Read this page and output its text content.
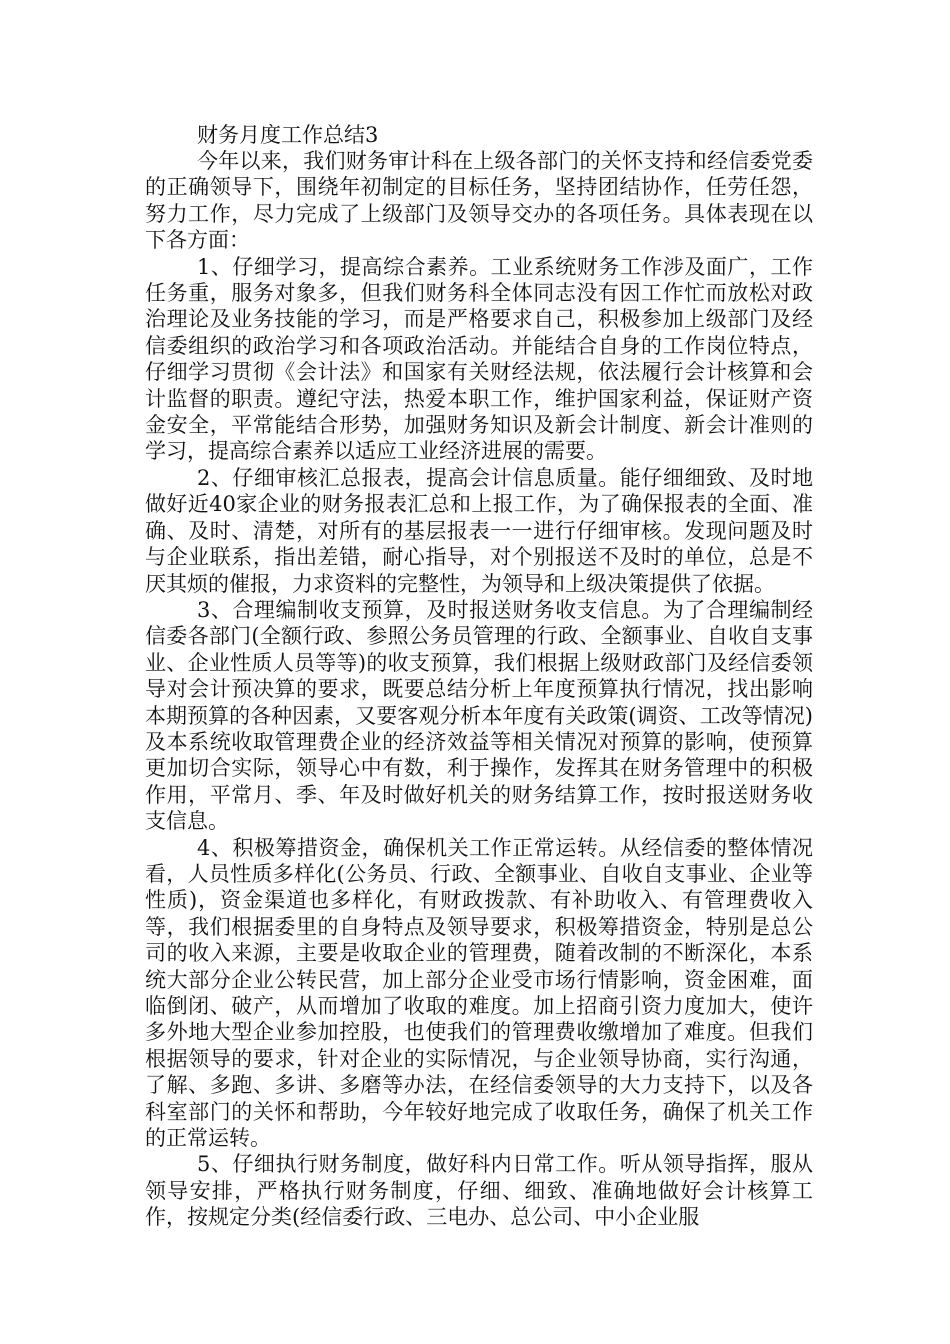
财务月度工作总结3

今年以来，我们财务审计科在上级各部门的关怀支持和经信委党委的正确领导下，围绕年初制定的目标任务，坚持团结协作，任劳任怨，努力工作，尽力完成了上级部门及领导交办的各项任务。具体表现在以下各方面：

1、仔细学习，提高综合素养。工业系统财务工作涉及面广，工作任务重，服务对象多，但我们财务科全体同志没有因工作忙而放松对政治理论及业务技能的学习，而是严格要求自己，积极参加上级部门及经信委组织的政治学习和各项政治活动。并能结合自身的工作岗位特点，仔细学习贯彻《会计法》和国家有关财经法规，依法履行会计核算和会计监督的职责。遵纪守法，热爱本职工作，维护国家利益，保证财产资金安全，平常能结合形势，加强财务知识及新会计制度、新会计准则的学习，提高综合素养以适应工业经济进展的需要。

2、仔细审核汇总报表，提高会计信息质量。能仔细细致、及时地做好近40家企业的财务报表汇总和上报工作，为了确保报表的全面、准确、及时、清楚，对所有的基层报表一一进行仔细审核。发现问题及时与企业联系，指出差错，耐心指导，对个别报送不及时的单位，总是不厌其烦的催报，力求资料的完整性，为领导和上级决策提供了依据。

3、合理编制收支预算，及时报送财务收支信息。为了合理编制经信委各部门(全额行政、参照公务员管理的行政、全额事业、自收自支事业、企业性质人员等等)的收支预算，我们根据上级财政部门及经信委领导对会计预决算的要求，既要总结分析上年度预算执行情况，找出影响本期预算的各种因素，又要客观分析本年度有关政策(调资、工改等情况)及本系统收取管理费企业的经济效益等相关情况对预算的影响，使预算更加切合实际，领导心中有数，利于操作，发挥其在财务管理中的积极作用，平常月、季、年及时做好机关的财务结算工作，按时报送财务收支信息。

4、积极筹措资金，确保机关工作正常运转。从经信委的整体情况看，人员性质多样化(公务员、行政、全额事业、自收自支事业、企业等性质)，资金渠道也多样化，有财政拨款、有补助收入、有管理费收入等，我们根据委里的自身特点及领导要求，积极筹措资金，特别是总公司的收入来源，主要是收取企业的管理费，随着改制的不断深化，本系统大部分企业公转民营，加上部分企业受市场行情影响，资金困难，面临倒闭、破产，从而增加了收取的难度。加上招商引资力度加大，使许多外地大型企业参加控股，也使我们的管理费收缴增加了难度。但我们根据领导的要求，针对企业的实际情况，与企业领导协商，实行沟通，了解、多跑、多讲、多磨等办法，在经信委领导的大力支持下，以及各科室部门的关怀和帮助，今年较好地完成了收取任务，确保了机关工作的正常运转。

5、仔细执行财务制度，做好科内日常工作。听从领导指挥，服从领导安排，严格执行财务制度，仔细、细致、准确地做好会计核算工作，按规定分类(经信委行政、三电办、总公司、中小企业服
